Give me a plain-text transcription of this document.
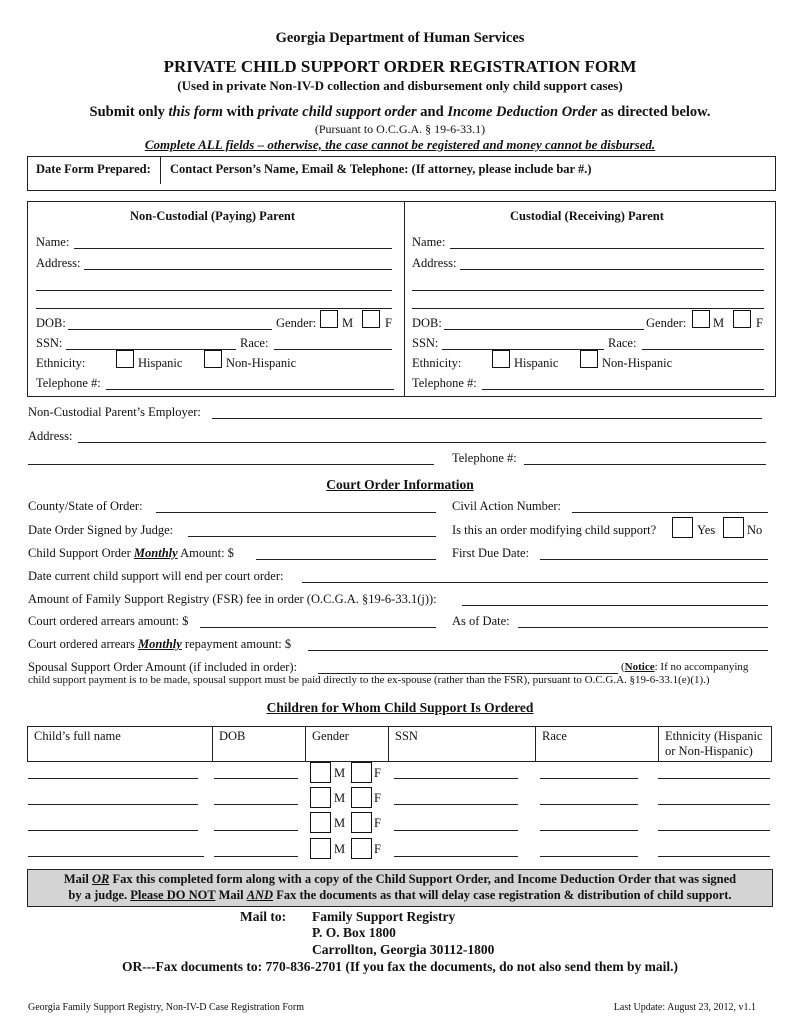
Georgia Department of Human Services
PRIVATE CHILD SUPPORT ORDER REGISTRATION FORM
(Used in private Non-IV-D collection and disbursement only child support cases)
Submit only this form with private child support order and Income Deduction Order as directed below.
(Pursuant to O.C.G.A. § 19-6-33.1)
Complete ALL fields – otherwise, the case cannot be registered and money cannot be disbursed.
Date Form Prepared: Contact Person’s Name, Email & Telephone: (If attorney, please include bar #.)
Non-Custodial (Paying) Parent
Name:
Address:
DOB:	Gender: M	F
SSN:	Race:
Ethnicity:	Hispanic	Non-Hispanic
Telephone #:
Custodial (Receiving) Parent
Name:
Address:
DOB:	Gender: M	F
SSN:	Race:
Ethnicity:	Hispanic	Non-Hispanic
Telephone #:
Non-Custodial Parent’s Employer:
Address:
Telephone #:
Court Order Information
County/State of Order:	Civil Action Number:
Date Order Signed by Judge:	Is this an order modifying child support?	Yes	No
Child Support Order Monthly Amount: $	First Due Date:
Date current child support will end per court order:
Amount of Family Support Registry (FSR) fee in order (O.C.G.A. §19-6-33.1(j)):
Court ordered arrears amount: $	As of Date:
Court ordered arrears Monthly repayment amount: $
Spousal Support Order Amount (if included in order):	(Notice: If no accompanying
child support payment is to be made, spousal support must be paid directly to the ex-spouse (rather than the FSR), pursuant to O.C.G.A. §19-6-33.1(e)(1).)
Children for Whom Child Support Is Ordered
Child’s full name	DOB	Gender	SSN	Race	Ethnicity (Hispanic or Non-Hispanic)
M F
M F
M F
M F
Mail OR Fax this completed form along with a copy of the Child Support Order, and Income Deduction Order that was signed
by a judge. Please DO NOT Mail AND Fax the documents as that will delay case registration & distribution of child support.
Mail to: Family Support Registry
P. O. Box 1800
Carrollton, Georgia 30112-1800
OR---Fax documents to: 770-836-2701 (If you fax the documents, do not also send them by mail.)
Georgia Family Support Registry, Non-IV-D Case Registration Form	Last Update: August 23, 2012, v1.1
